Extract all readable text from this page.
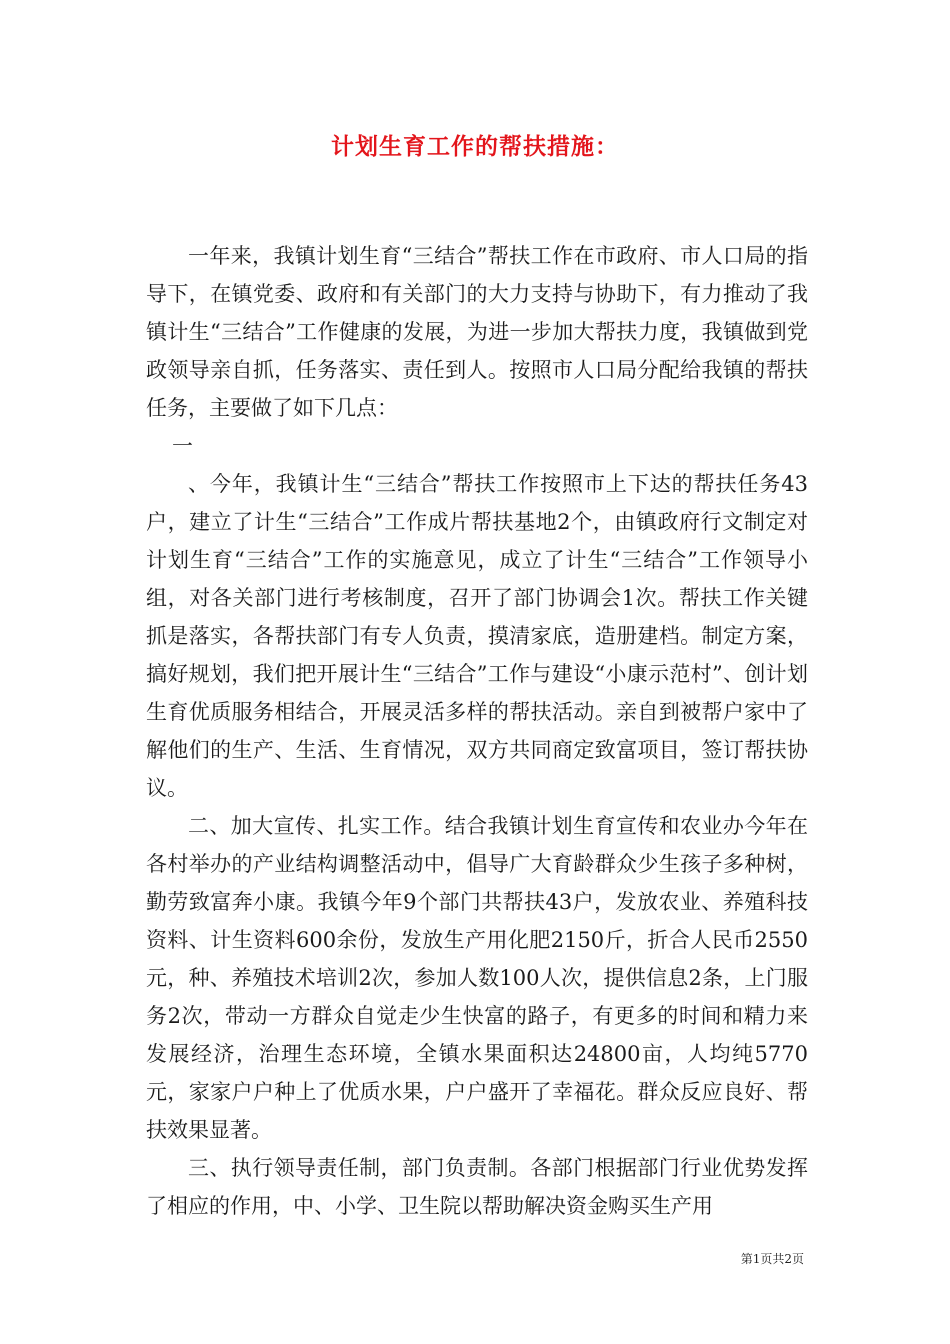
计划生育工作的帮扶措施：

一年来，我镇计划生育“三结合”帮扶工作在市政府、市人口局的指导下，在镇党委、政府和有关部门的大力支持与协助下，有力推动了我镇计生“三结合”工作健康的发展，为进一步加大帮扶力度，我镇做到党政领导亲自抓，任务落实、责任到人。按照市人口局分配给我镇的帮扶任务，主要做了如下几点：

一

、今年，我镇计生“三结合”帮扶工作按照市上下达的帮扶任务43户，建立了计生“三结合”工作成片帮扶基地2个，由镇政府行文制定对计划生育“三结合”工作的实施意见，成立了计生“三结合”工作领导小组，对各关部门进行考核制度，召开了部门协调会1次。帮扶工作关键抓是落实，各帮扶部门有专人负责，摸清家底，造册建档。制定方案，搞好规划，我们把开展计生“三结合”工作与建设“小康示范村”、创计划生育优质服务相结合，开展灵活多样的帮扶活动。亲自到被帮户家中了解他们的生产、生活、生育情况，双方共同商定致富项目，签订帮扶协议。

二、加大宣传、扎实工作。结合我镇计划生育宣传和农业办今年在各村举办的产业结构调整活动中，倡导广大育龄群众少生孩子多种树，勤劳致富奔小康。我镇今年9个部门共帮扶43户，发放农业、养殖科技资料、计生资料600余份，发放生产用化肥2150斤，折合人民币2550元，种、养殖技术培训2次，参加人数100人次，提供信息2条，上门服务2次，带动一方群众自觉走少生快富的路子，有更多的时间和精力来发展经济，治理生态环境，全镇水果面积达24800亩，人均纯5770元，家家户户种上了优质水果，户户盛开了幸福花。群众反应良好、帮扶效果显著。

三、执行领导责任制，部门负责制。各部门根据部门行业优势发挥了相应的作用，中、小学、卫生院以帮助解决资金购买生产用

第1页共2页
